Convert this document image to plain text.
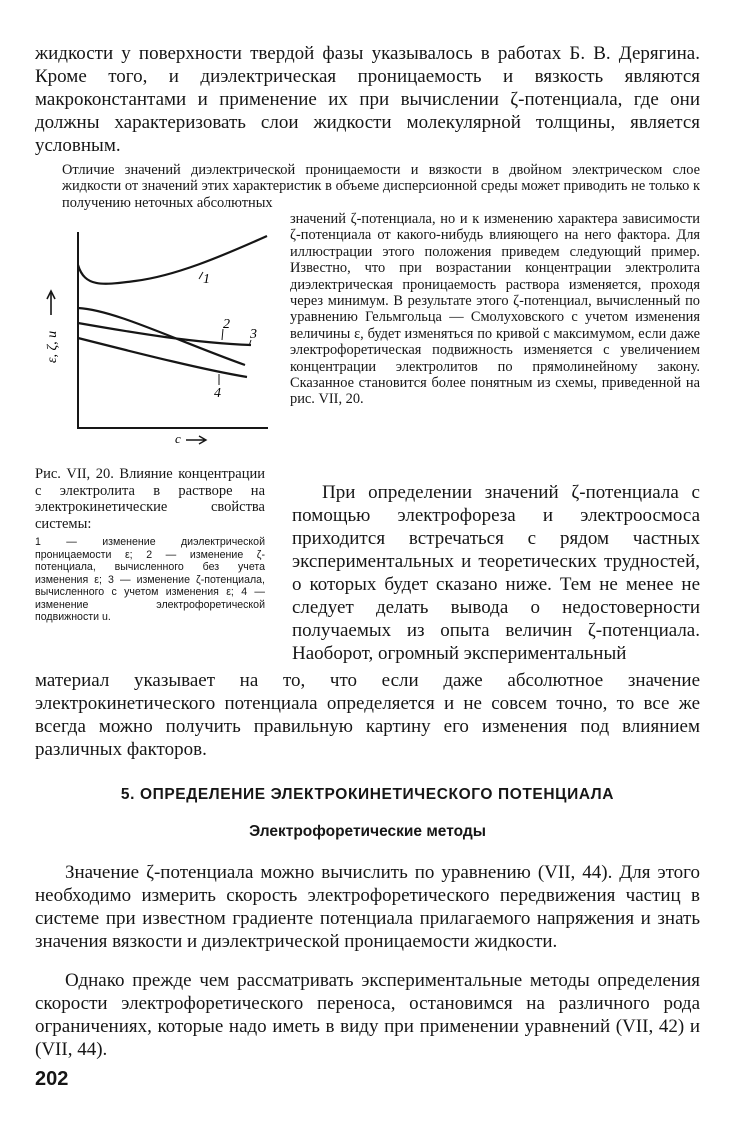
жидкости у поверхности твердой фазы указывалось в работах Б. В. Дерягина. Кроме того, и диэлектрическая проницаемость и вязкость являются макроконстантами и применение их при вычислении ζ-потенциала, где они должны характеризовать слои жидкости молекулярной толщины, является условным.

Отличие значений диэлектрической проницаемости и вязкости в двойном электрическом слое жидкости от значений этих характеристик в объеме дисперсионной среды может приводить не только к получению неточных абсолютных

1
2
3
4
ε, ζ, u
c

значений ζ-потенциала, но и к изменению характера зависимости ζ-потенциала от какого-нибудь влияющего на него фактора. Для иллюстрации этого положения приведем следующий пример. Известно, что при возрастании концентрации электролита диэлектрическая проницаемость раствора изменяется, проходя через минимум. В результате этого ζ-потенциал, вычисленный по уравнению Гельмгольца — Смолуховского с учетом изменения величины ε, будет изменяться по кривой с максимумом, если даже электрофоретическая подвижность изменяется с увеличением концентрации электролитов по прямолинейному закону. Сказанное становится более понятным из схемы, приведенной на рис. VII, 20.

Рис. VII, 20. Влияние концентрации с электролита в растворе на электрокинетические свойства системы:

1 — изменение диэлектрической проницаемости ε; 2 — изменение ζ-потенциала, вычисленного без учета изменения ε; 3 — изменение ζ-потенциала, вычисленного с учетом изменения ε; 4 — изменение электрофоретической подвижности u.

При определении значений ζ-потенциала с помощью электрофореза и электроосмоса приходится встречаться с рядом частных экспериментальных и теоретических трудностей, о которых будет сказано ниже. Тем не менее не следует делать вывода о недостоверности получаемых из опыта величин ζ-потенциала. Наоборот, огромный экспериментальный

материал указывает на то, что если даже абсолютное значение электрокинетического потенциала определяется и не совсем точно, то все же всегда можно получить правильную картину его изменения под влиянием различных факторов.

5. ОПРЕДЕЛЕНИЕ ЭЛЕКТРОКИНЕТИЧЕСКОГО ПОТЕНЦИАЛА

Электрофоретические методы

Значение ζ-потенциала можно вычислить по уравнению (VII, 44). Для этого необходимо измерить скорость электрофоретического передвижения частиц в системе при известном градиенте потенциала прилагаемого напряжения и знать значения вязкости и диэлектрической проницаемости жидкости.

Однако прежде чем рассматривать экспериментальные методы определения скорости электрофоретического переноса, остановимся на различного рода ограничениях, которые надо иметь в виду при применении уравнений (VII, 42) и (VII, 44).

202
